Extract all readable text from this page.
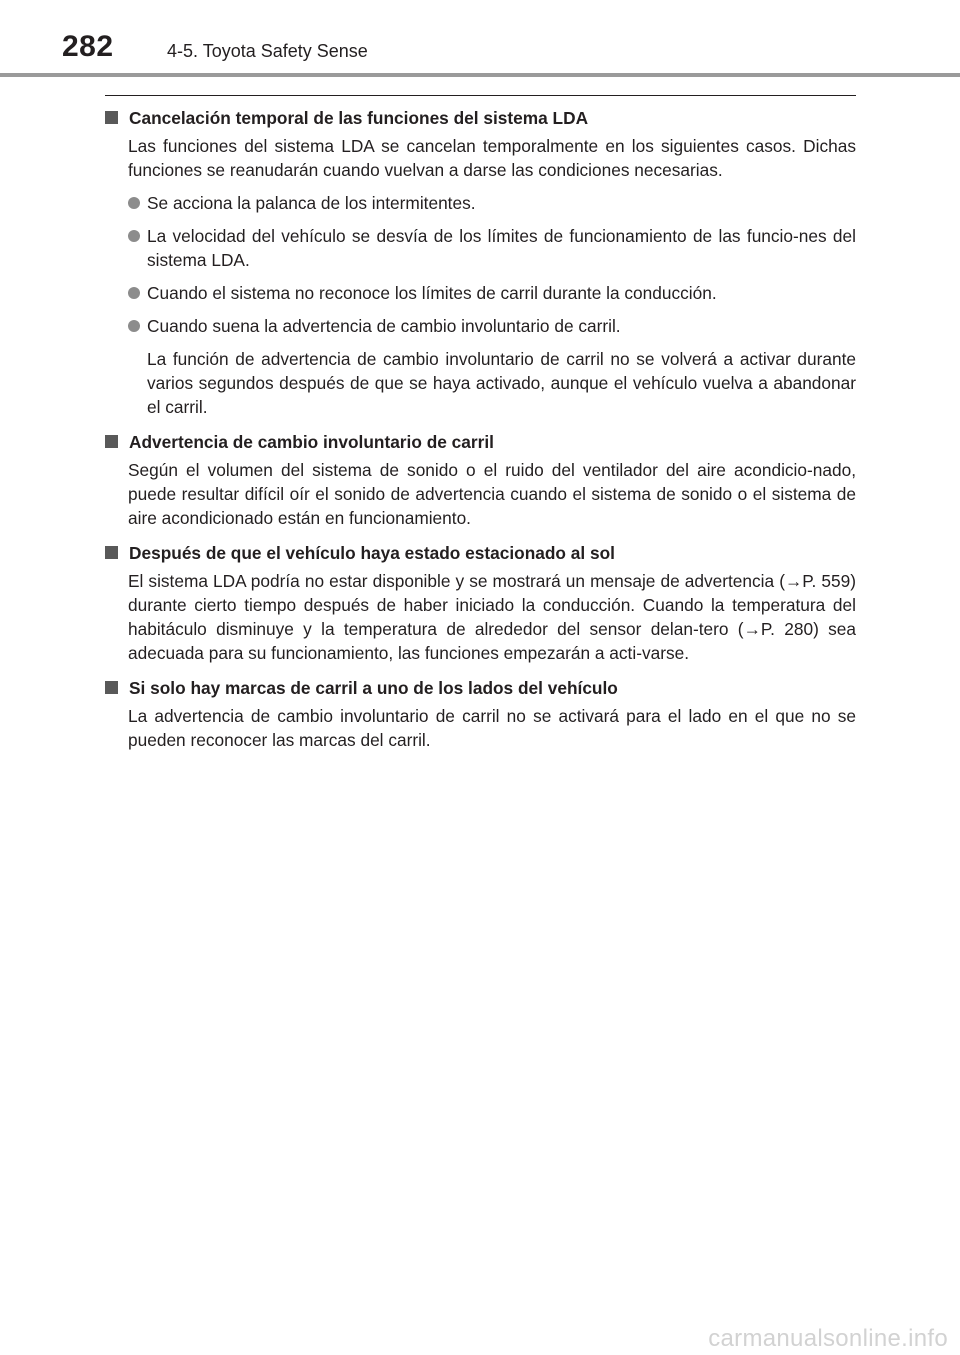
282	4-5. Toyota Safety Sense
Cancelación temporal de las funciones del sistema LDA
Las funciones del sistema LDA se cancelan temporalmente en los siguientes casos. Dichas funciones se reanudarán cuando vuelvan a darse las condiciones necesarias.
Se acciona la palanca de los intermitentes.
La velocidad del vehículo se desvía de los límites de funcionamiento de las funcio-nes del sistema LDA.
Cuando el sistema no reconoce los límites de carril durante la conducción.
Cuando suena la advertencia de cambio involuntario de carril.
La función de advertencia de cambio involuntario de carril no se volverá a activar durante varios segundos después de que se haya activado, aunque el vehículo vuelva a abandonar el carril.
Advertencia de cambio involuntario de carril
Según el volumen del sistema de sonido o el ruido del ventilador del aire acondicio-nado, puede resultar difícil oír el sonido de advertencia cuando el sistema de sonido o el sistema de aire acondicionado están en funcionamiento.
Después de que el vehículo haya estado estacionado al sol
El sistema LDA podría no estar disponible y se mostrará un mensaje de advertencia (→P. 559) durante cierto tiempo después de haber iniciado la conducción. Cuando la temperatura del habitáculo disminuye y la temperatura de alrededor del sensor delan-tero (→P. 280) sea adecuada para su funcionamiento, las funciones empezarán a acti-varse.
Si solo hay marcas de carril a uno de los lados del vehículo
La advertencia de cambio involuntario de carril no se activará para el lado en el que no se pueden reconocer las marcas del carril.
carmanualsonline.info
